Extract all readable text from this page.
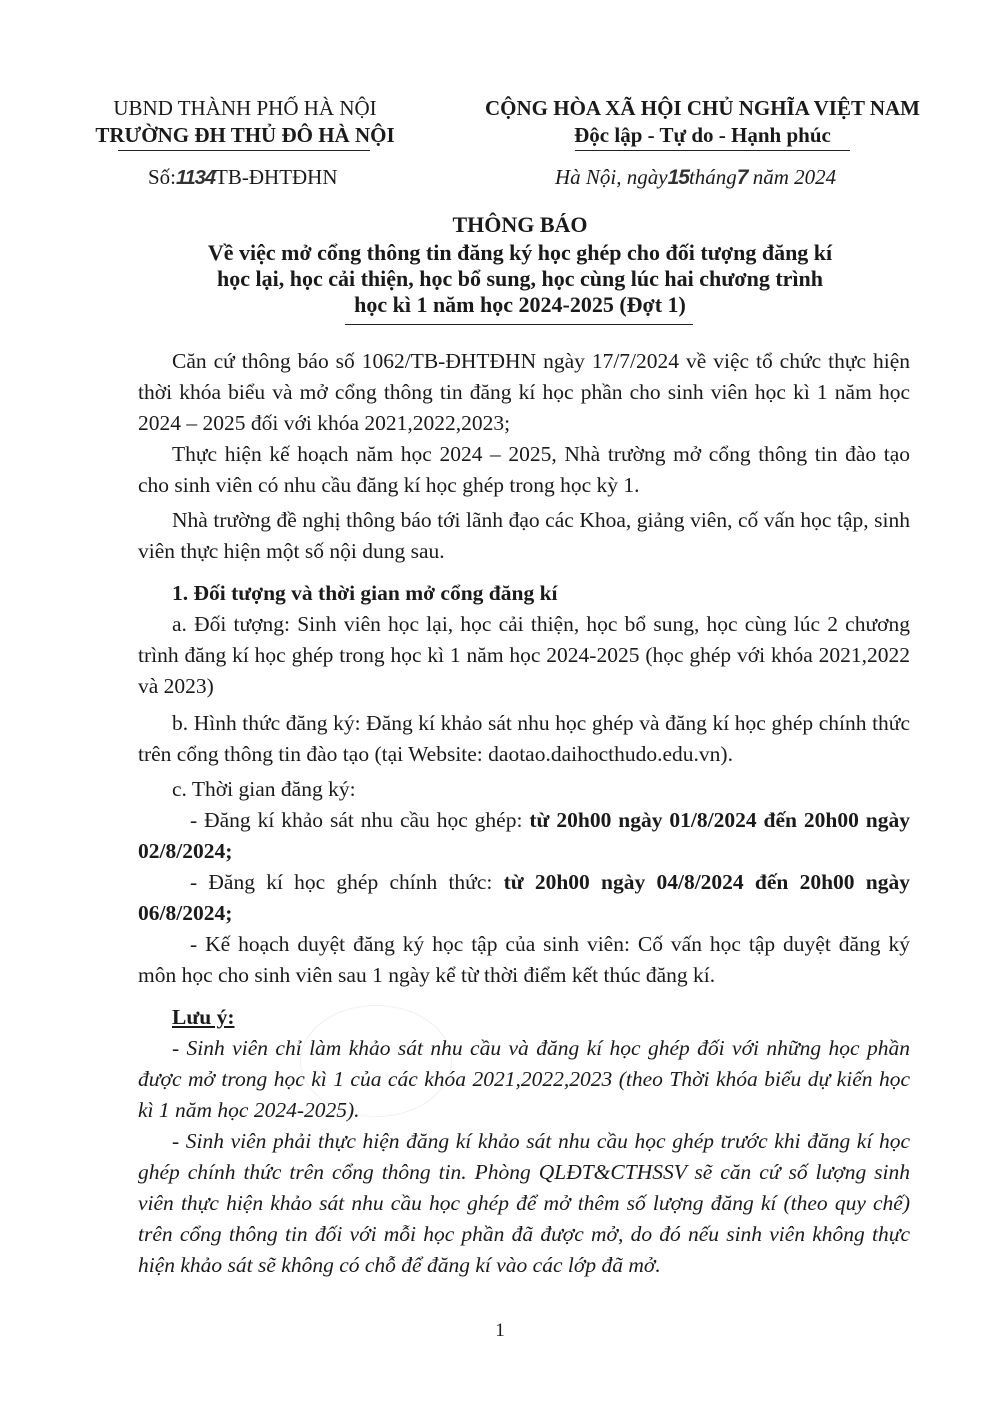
UBND THÀNH PHỐ HÀ NỘI
TRƯỜNG ĐH THỦ ĐÔ HÀ NỘI
Số:1134TB-ĐHTĐHN
CỘNG HÒA XÃ HỘI CHỦ NGHĨA VIỆT NAM
Độc lập - Tự do - Hạnh phúc
Hà Nội, ngày15tháng7 năm 2024
THÔNG BÁO
Về việc mở cổng thông tin đăng ký học ghép cho đối tượng đăng kí
học lại, học cải thiện, học bổ sung, học cùng lúc hai chương trình
học kì 1 năm học 2024-2025 (Đợt 1)

Căn cứ thông báo số 1062/TB-ĐHTĐHN ngày 17/7/2024 về việc tổ chức thực hiện thời khóa biểu và mở cổng thông tin đăng kí học phần cho sinh viên học kì 1 năm học 2024 – 2025 đối với khóa 2021,2022,2023;

Thực hiện kế hoạch năm học 2024 – 2025, Nhà trường mở cổng thông tin đào tạo cho sinh viên có nhu cầu đăng kí học ghép trong học kỳ 1.

Nhà trường đề nghị thông báo tới lãnh đạo các Khoa, giảng viên, cố vấn học tập, sinh viên thực hiện một số nội dung sau.

1. Đối tượng và thời gian mở cổng đăng kí

a. Đối tượng: Sinh viên học lại, học cải thiện, học bổ sung, học cùng lúc 2 chương trình đăng kí học ghép trong học kì 1 năm học 2024-2025 (học ghép với khóa 2021,2022 và 2023)

b. Hình thức đăng ký: Đăng kí khảo sát nhu học ghép và đăng kí học ghép chính thức trên cổng thông tin đào tạo (tại Website: daotao.daihocthudo.edu.vn).

c. Thời gian đăng ký:

- Đăng kí khảo sát nhu cầu học ghép: từ 20h00 ngày 01/8/2024 đến 20h00 ngày 02/8/2024;

- Đăng kí học ghép chính thức: từ 20h00 ngày 04/8/2024 đến 20h00 ngày 06/8/2024;

- Kế hoạch duyệt đăng ký học tập của sinh viên: Cố vấn học tập duyệt đăng ký môn học cho sinh viên sau 1 ngày kể từ thời điểm kết thúc đăng kí.

Lưu ý:

- Sinh viên chỉ làm khảo sát nhu cầu và đăng kí học ghép đối với những học phần được mở trong học kì 1 của các khóa 2021,2022,2023 (theo Thời khóa biểu dự kiến học kì 1 năm học 2024-2025).

- Sinh viên phải thực hiện đăng kí khảo sát nhu cầu học ghép trước khi đăng kí học ghép chính thức trên cổng thông tin. Phòng QLĐT&CTHSSV sẽ căn cứ số lượng sinh viên thực hiện khảo sát nhu cầu học ghép để mở thêm số lượng đăng kí (theo quy chế) trên cổng thông tin đối với mỗi học phần đã được mở, do đó nếu sinh viên không thực hiện khảo sát sẽ không có chỗ để đăng kí vào các lớp đã mở.

1
